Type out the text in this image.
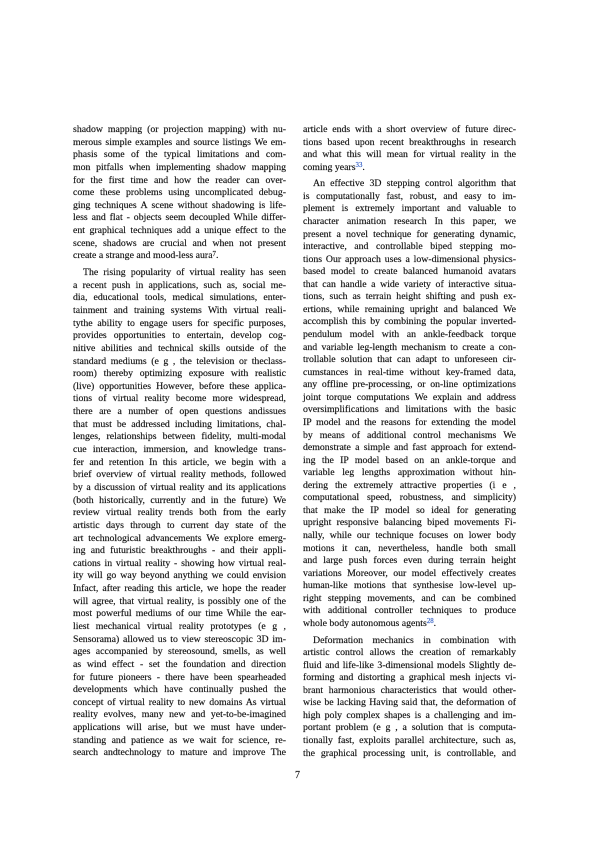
shadow mapping (or projection mapping) with nu-
merous simple examples and source listings We em-
phasis some of the typical limitations and com-
mon pitfalls when implementing shadow mapping
for the first time and how the reader can over-
come these problems using uncomplicated debug-
ging techniques A scene without shadowing is life-
less and flat - objects seem decoupled While differ-
ent graphical techniques add a unique effect to the
scene, shadows are crucial and when not present
create a strange and mood-less aura$^7$.
The rising popularity of virtual reality has seen
a recent push in applications, such as, social me-
dia, educational tools, medical simulations, enter-
tainment and training systems With virtual reali-
tythe ability to engage users for specific purposes,
provides opportunities to entertain, develop cog-
nitive abilities and technical skills outside of the
standard mediums (e g , the television or theclass-
room) thereby optimizing exposure with realistic
(live) opportunities However, before these applica-
tions of virtual reality become more widespread,
there are a number of open questions andissues
that must be addressed including limitations, chal-
lenges, relationships between fidelity, multi-modal
cue interaction, immersion, and knowledge trans-
fer and retention In this article, we begin with a
brief overview of virtual reality methods, followed
by a discussion of virtual reality and its applications
(both historically, currently and in the future) We
review virtual reality trends both from the early
artistic days through to current day state of the
art technological advancements We explore emerg-
ing and futuristic breakthroughs - and their appli-
cations in virtual reality - showing how virtual real-
ity will go way beyond anything we could envision
Infact, after reading this article, we hope the reader
will agree, that virtual reality, is possibly one of the
most powerful mediums of our time While the ear-
liest mechanical virtual reality prototypes (e g ,
Sensorama) allowed us to view stereoscopic 3D im-
ages accompanied by stereosound, smells, as well
as wind effect - set the foundation and direction
for future pioneers - there have been spearheaded
developments which have continually pushed the
concept of virtual reality to new domains As virtual
reality evolves, many new and yet-to-be-imagined
applications will arise, but we must have under-
standing and patience as we wait for science, re-
search andtechnology to mature and improve The
article ends with a short overview of future direc-
tions based upon recent breakthroughs in research
and what this will mean for virtual reality in the
coming years$^{33}$.
An effective 3D stepping control algorithm that
is computationally fast, robust, and easy to im-
plement is extremely important and valuable to
character animation research In this paper, we
present a novel technique for generating dynamic,
interactive, and controllable biped stepping mo-
tions Our approach uses a low-dimensional physics-
based model to create balanced humanoid avatars
that can handle a wide variety of interactive situa-
tions, such as terrain height shifting and push ex-
ertions, while remaining upright and balanced We
accomplish this by combining the popular inverted-
pendulum model with an ankle-feedback torque
and variable leg-length mechanism to create a con-
trollable solution that can adapt to unforeseen cir-
cumstances in real-time without key-framed data,
any offline pre-processing, or on-line optimizations
joint torque computations We explain and address
oversimplifications and limitations with the basic
IP model and the reasons for extending the model
by means of additional control mechanisms We
demonstrate a simple and fast approach for extend-
ing the IP model based on an ankle-torque and
variable leg lengths approximation without hin-
dering the extremely attractive properties (i e ,
computational speed, robustness, and simplicity)
that make the IP model so ideal for generating
upright responsive balancing biped movements Fi-
nally, while our technique focuses on lower body
motions it can, nevertheless, handle both small
and large push forces even during terrain height
variations Moreover, our model effectively creates
human-like motions that synthesise low-level up-
right stepping movements, and can be combined
with additional controller techniques to produce
whole body autonomous agents$^{28}$.
Deformation mechanics in combination with
artistic control allows the creation of remarkably
fluid and life-like 3-dimensional models Slightly de-
forming and distorting a graphical mesh injects vi-
brant harmonious characteristics that would other-
wise be lacking Having said that, the deformation of
high poly complex shapes is a challenging and im-
portant problem (e g , a solution that is computa-
tionally fast, exploits parallel architecture, such as,
the graphical processing unit, is controllable, and
7
